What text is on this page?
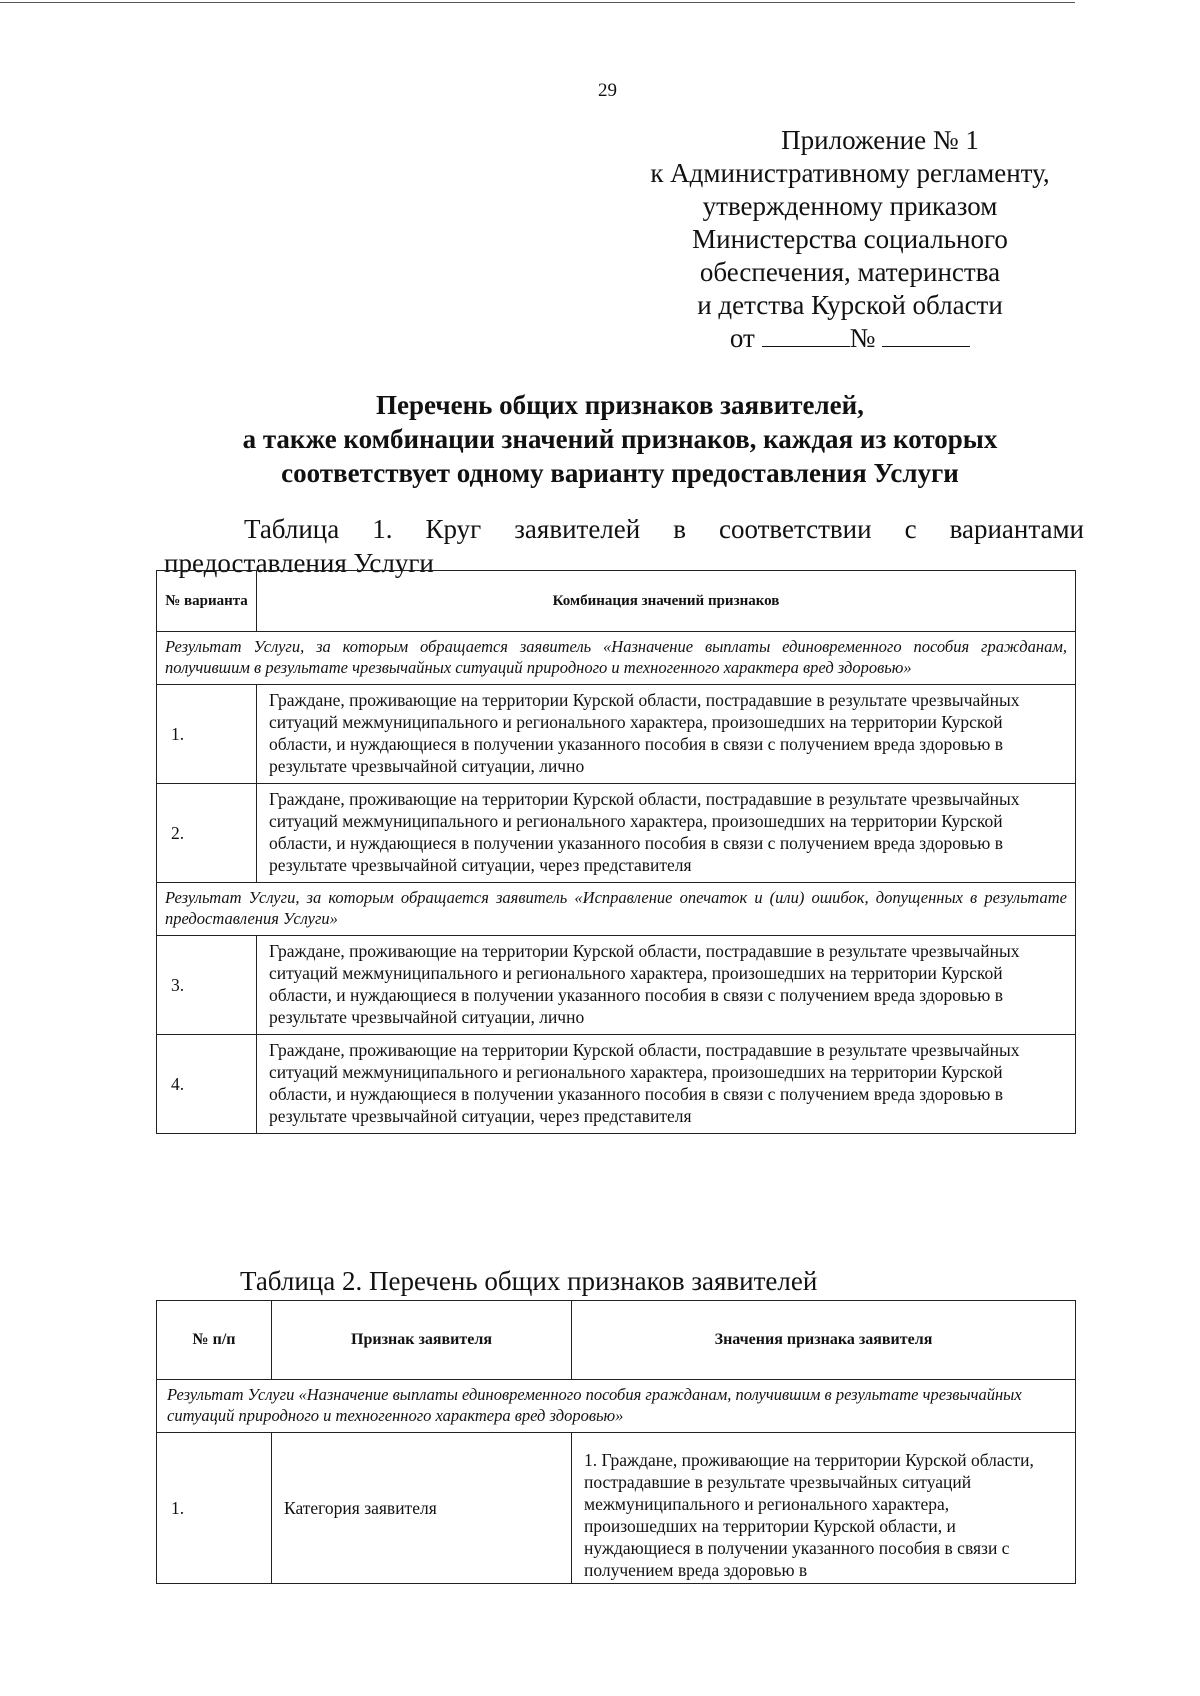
29
Приложение № 1
к Административному регламенту,
утвержденному приказом
Министерства социального
обеспечения, материнства
и детства Курской области
от	№
Перечень общих признаков заявителей,
а также комбинации значений признаков, каждая из которых
соответствует одному варианту предоставления Услуги
Таблица 1. Круг заявителей в соответствии с вариантами
предоставления Услуги
№ варианта	Комбинация значений признаков
Результат Услуги, за которым обращается заявитель «Назначение выплаты единовременного пособия гражданам, получившим в результате чрезвычайных ситуаций природного и техногенного характера вред здоровью»	
1.	Граждане, проживающие на территории Курской области, пострадавшие в результате чрезвычайных ситуаций межмуниципального и регионального характера, произошедших на территории Курской области, и нуждающиеся в получении указанного пособия в связи с получением вреда здоровью в результате чрезвычайной ситуации, лично
2.	Граждане, проживающие на территории Курской области, пострадавшие в результате чрезвычайных ситуаций межмуниципального и регионального характера, произошедших на территории Курской области, и нуждающиеся в получении указанного пособия в связи с получением вреда здоровью в результате чрезвычайной ситуации, через представителя
Результат Услуги, за которым обращается заявитель «Исправление опечаток и (или) ошибок, допущенных в результате предоставления Услуги»	
3.	Граждане, проживающие на территории Курской области, пострадавшие в результате чрезвычайных ситуаций межмуниципального и регионального характера, произошедших на территории Курской области, и нуждающиеся в получении указанного пособия в связи с получением вреда здоровью в результате чрезвычайной ситуации, лично
4.	Граждане, проживающие на территории Курской области, пострадавшие в результате чрезвычайных ситуаций межмуниципального и регионального характера, произошедших на территории Курской области, и нуждающиеся в получении указанного пособия в связи с получением вреда здоровью в результате чрезвычайной ситуации, через представителя
Таблица 2. Перечень общих признаков заявителей
№ п/п	Признак заявителя	Значения признака заявителя
Результат Услуги «Назначение выплаты единовременного пособия гражданам, получившим в результате чрезвычайных ситуаций природного и техногенного характера вред здоровью»		
1.	Категория заявителя	1. Граждане, проживающие на территории Курской области, пострадавшие в результате чрезвычайных ситуаций межмуниципального и регионального характера, произошедших на территории Курской области, и нуждающиеся в получении указанного пособия в связи с получением вреда здоровью в
